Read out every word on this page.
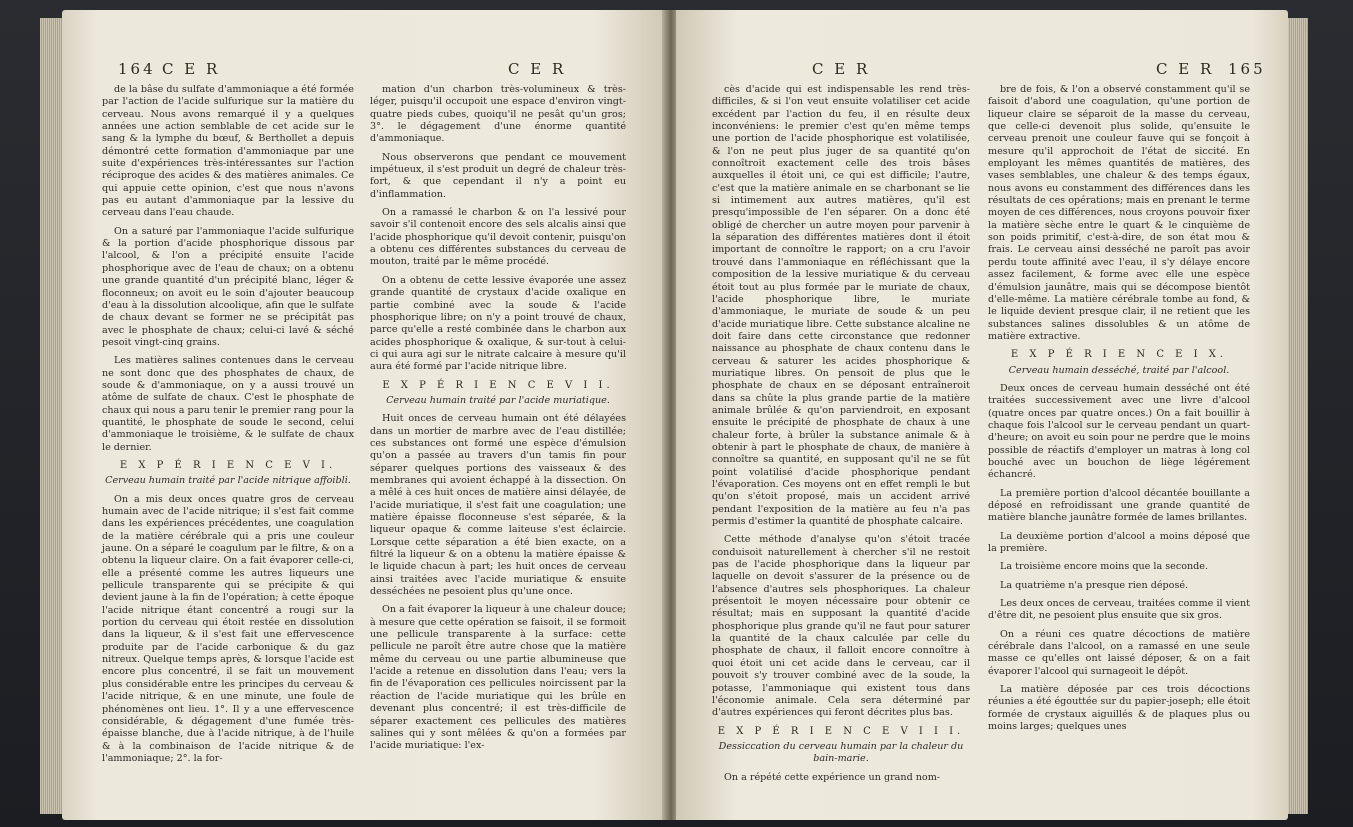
164 C E R	C E R

de la bâse du sulfate d'ammoniaque a été formée par l'action de l'acide sulfurique sur la matière du cerveau. Nous avons remarqué il y a quelques années une action semblable de cet acide sur le sang & la lymphe du bœuf, & Berthollet a depuis démontré cette formation d'ammoniaque par une suite d'expériences très-intéressantes sur l'action réciproque des acides & des matières animales. Ce qui appuie cette opinion, c'est que nous n'avons pas eu autant d'ammoniaque par la lessive du cerveau dans l'eau chaude.

On a saturé par l'ammoniaque l'acide sulfurique & la portion d'acide phosphorique dissous par l'alcool, & l'on a précipité ensuite l'acide phosphorique avec de l'eau de chaux; on a obtenu une grande quantité d'un précipité blanc, léger & floconneux; on avoit eu le soin d'ajouter beaucoup d'eau à la dissolution alcoolique, afin que le sulfate de chaux devant se former ne se précipitât pas avec le phosphate de chaux; celui-ci lavé & séché pesoit vingt-cinq grains.

Les matières salines contenues dans le cerveau ne sont donc que des phosphates de chaux, de soude & d'ammoniaque, on y a aussi trouvé un atôme de sulfate de chaux. C'est le phosphate de chaux qui nous a paru tenir le premier rang pour la quantité, le phosphate de soude le second, celui d'ammoniaque le troisième, & le sulfate de chaux le dernier.

E X P É R I E N C E V I.
Cerveau humain traité par l'acide nitrique affoibli.

On a mis deux onces quatre gros de cerveau humain avec de l'acide nitrique; il s'est fait comme dans les expériences précédentes, une coagulation de la matière cérébrale qui a pris une couleur jaune. On a séparé le coagulum par le filtre, & on a obtenu la liqueur claire. On a fait évaporer celle-ci, elle a présenté comme les autres liqueurs une pellicule transparente qui se précipite & qui devient jaune à la fin de l'opération; à cette époque l'acide nitrique étant concentré a rougi sur la portion du cerveau qui étoit restée en dissolution dans la liqueur, & il s'est fait une effervescence produite par de l'acide carbonique & du gaz nitreux. Quelque temps après, & lorsque l'acide est encore plus concentré, il se fait un mouvement plus considérable entre les principes du cerveau & l'acide nitrique, & en une minute, une foule de phénomènes ont lieu. 1°. Il y a une effervescence considérable, & dégagement d'une fumée très-épaisse blanche, due à l'acide nitrique, à de l'huile & à la combinaison de l'acide nitrique & de l'ammoniaque; 2°. la for-

mation d'un charbon très-volumineux & très-léger, puisqu'il occupoit une espace d'environ vingt-quatre pieds cubes, quoiqu'il ne pesât qu'un gros; 3°. le dégagement d'une énorme quantité d'ammoniaque.

Nous observerons que pendant ce mouvement impétueux, il s'est produit un degré de chaleur très-fort, & que cependant il n'y a point eu d'inflammation.

On a ramassé le charbon & on l'a lessivé pour savoir s'il contenoit encore des sels alcalis ainsi que l'acide phosphorique qu'il devoit contenir, puisqu'on a obtenu ces différentes substances du cerveau de mouton, traité par le même procédé.

On a obtenu de cette lessive évaporée une assez grande quantité de crystaux d'acide oxalique en partie combiné avec la soude & l'acide phosphorique libre; on n'y a point trouvé de chaux, parce qu'elle a resté combinée dans le charbon aux acides phosphorique & oxalique, & sur-tout à celui-ci qui aura agi sur le nitrate calcaire à mesure qu'il aura été formé par l'acide nitrique libre.

E X P É R I E N C E V I I.
Cerveau humain traité par l'acide muriatique.

Huit onces de cerveau humain ont été délayées dans un mortier de marbre avec de l'eau distillée; ces substances ont formé une espèce d'émulsion qu'on a passée au travers d'un tamis fin pour séparer quelques portions des vaisseaux & des membranes qui avoient échappé à la dissection. On a mêlé à ces huit onces de matière ainsi délayée, de l'acide muriatique, il s'est fait une coagulation; une matière épaisse floconneuse s'est séparée, & la liqueur opaque & comme laiteuse s'est éclaircie. Lorsque cette séparation a été bien exacte, on a filtré la liqueur & on a obtenu la matière épaisse & le liquide chacun à part; les huit onces de cerveau ainsi traitées avec l'acide muriatique & ensuite desséchées ne pesoient plus qu'une once.

On a fait évaporer la liqueur à une chaleur douce; à mesure que cette opération se faisoit, il se formoit une pellicule transparente à la surface: cette pellicule ne paroît être autre chose que la matière même du cerveau ou une partie albumineuse que l'acide a retenue en dissolution dans l'eau; vers la fin de l'évaporation ces pellicules noircissent par la réaction de l'acide muriatique qui les brûle en devenant plus concentré; il est très-difficile de séparer exactement ces pellicules des matières salines qui y sont mêlées & qu'on a formées par l'acide muriatique: l'ex-

C E R	C E R 165

cès d'acide qui est indispensable les rend très-difficiles, & si l'on veut ensuite volatiliser cet acide excédent par l'action du feu, il en résulte deux inconvéniens: le premier c'est qu'en même temps une portion de l'acide phosphorique est volatilisée, & l'on ne peut plus juger de sa quantité qu'on connoîtroit exactement celle des trois bâses auxquelles il étoit uni, ce qui est difficile; l'autre, c'est que la matière animale en se charbonant se lie si intimement aux autres matières, qu'il est presqu'impossible de l'en séparer. On a donc été obligé de chercher un autre moyen pour parvenir à la séparation des différentes matières dont il étoit important de connoître le rapport; on a cru l'avoir trouvé dans l'ammoniaque en réfléchissant que la composition de la lessive muriatique & du cerveau étoit tout au plus formée par le muriate de chaux, l'acide phosphorique libre, le muriate d'ammoniaque, le muriate de soude & un peu d'acide muriatique libre. Cette substance alcaline ne doit faire dans cette circonstance que redonner naissance au phosphate de chaux contenu dans le cerveau & saturer les acides phosphorique & muriatique libres. On pensoit de plus que le phosphate de chaux en se déposant entraîneroit dans sa chûte la plus grande partie de la matière animale brûlée & qu'on parviendroit, en exposant ensuite le précipité de phosphate de chaux à une chaleur forte, à brûler la substance animale & à obtenir à part le phosphate de chaux, de manière à connoître sa quantité, en supposant qu'il ne se fût point volatilisé d'acide phosphorique pendant l'évaporation. Ces moyens ont en effet rempli le but qu'on s'étoit proposé, mais un accident arrivé pendant l'exposition de la matière au feu n'a pas permis d'estimer la quantité de phosphate calcaire.

Cette méthode d'analyse qu'on s'étoit tracée conduisoit naturellement à chercher s'il ne restoit pas de l'acide phosphorique dans la liqueur par laquelle on devoit s'assurer de la présence ou de l'absence d'autres sels phosphoriques. La chaleur présentoit le moyen nécessaire pour obtenir ce résultat; mais en supposant la quantité d'acide phosphorique plus grande qu'il ne faut pour saturer la quantité de la chaux calculée par celle du phosphate de chaux, il falloit encore connoître à quoi étoit uni cet acide dans le cerveau, car il pouvoit s'y trouver combiné avec de la soude, la potasse, l'ammoniaque qui existent tous dans l'économie animale. Cela sera déterminé par d'autres expériences qui feront décrites plus bas.

E X P É R I E N C E V I I I.
Dessiccation du cerveau humain par la chaleur du bain-marie.

On a répété cette expérience un grand nom-

bre de fois, & l'on a observé constamment qu'il se faisoit d'abord une coagulation, qu'une portion de liqueur claire se séparoit de la masse du cerveau, que celle-ci devenoit plus solide, qu'ensuite le cerveau prenoit une couleur fauve qui se fonçoit à mesure qu'il approchoit de l'état de siccité. En employant les mêmes quantités de matières, des vases semblables, une chaleur & des temps égaux, nous avons eu constamment des différences dans les résultats de ces opérations; mais en prenant le terme moyen de ces différences, nous croyons pouvoir fixer la matière sèche entre le quart & le cinquième de son poids primitif, c'est-à-dire, de son état mou & frais. Le cerveau ainsi desséché ne paroît pas avoir perdu toute affinité avec l'eau, il s'y délaye encore assez facilement, & forme avec elle une espèce d'émulsion jaunâtre, mais qui se décompose bientôt d'elle-même. La matière cérébrale tombe au fond, & le liquide devient presque clair, il ne retient que les substances salines dissolubles & un atôme de matière extractive.

E X P É R I E N C E I X.
Cerveau humain desséché, traité par l'alcool.

Deux onces de cerveau humain desséché ont été traitées successivement avec une livre d'alcool (quatre onces par quatre onces.) On a fait bouillir à chaque fois l'alcool sur le cerveau pendant un quart-d'heure; on avoit eu soin pour ne perdre que le moins possible de réactifs d'employer un matras à long col bouché avec un bouchon de liège légérement échancré.

La première portion d'alcool décantée bouillante a déposé en refroidissant une grande quantité de matière blanche jaunâtre formée de lames brillantes.

La deuxième portion d'alcool a moins déposé que la première.

La troisième encore moins que la seconde.

La quatrième n'a presque rien déposé.

Les deux onces de cerveau, traitées comme il vient d'être dit, ne pesoient plus ensuite que six gros.

On a réuni ces quatre décoctions de matière cérébrale dans l'alcool, on a ramassé en une seule masse ce qu'elles ont laissé déposer, & on a fait évaporer l'alcool qui surnageoit le dépôt.

La matière déposée par ces trois décoctions réunies a été égouttée sur du papier-joseph; elle étoit formée de crystaux aiguillés & de plaques plus ou moins larges; quelques unes
